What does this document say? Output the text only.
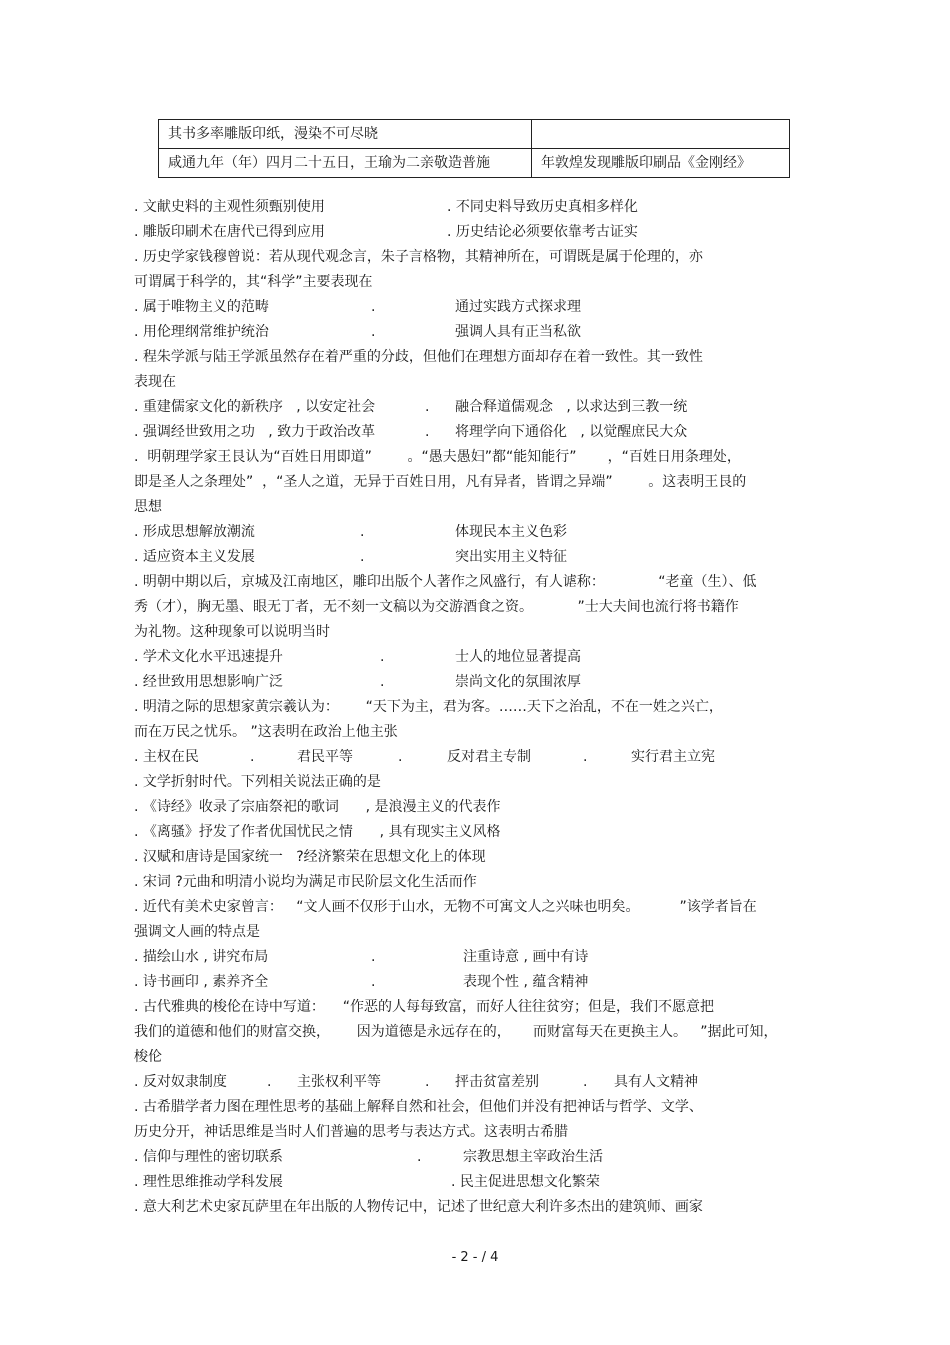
其书多率雕版印纸，漫染不可尽晓	
咸通九年（年）四月二十五日，王瑜为二亲敬造普施	年敦煌发现雕版印刷品《金刚经》
. 文献史料的主观性须甄别使用	. 不同史料导致历史真相多样化
. 雕版印刷术在唐代已得到应用	. 历史结论必须要依靠考古证实
. 历史学家钱穆曾说：若从现代观念言，朱子言格物，其精神所在，可谓既是属于伦理的，亦
可谓属于科学的，其“科学”主要表现在
. 属于唯物主义的范畴	.	通过实践方式探求理
. 用伦理纲常维护统治	.	强调人具有正当私欲
. 程朱学派与陆王学派虽然存在着严重的分歧，但他们在理想方面却存在着一致性。其一致性
表现在
. 重建儒家文化的新秩序   , 以安定社会	. 融合释道儒观念   , 以求达到三教一统
. 强调经世致用之功   , 致力于政治改革	. 将理学向下通俗化   , 以觉醒庶民大众
.  明朝理学家王艮认为“百姓日用即道”        。“愚夫愚妇”都“能知能行”       ，“百姓日用条理处，
即是圣人之条理处”  ，“圣人之道，无异于百姓日用，凡有异者，皆谓之异端”        。这表明王艮的
思想
. 形成思想解放潮流	.	体现民本主义色彩
. 适应资本主义发展	.	突出实用主义特征
. 明朝中期以后，京城及江南地区，雕印出版个人著作之风盛行，有人谑称：            “老童（生）、低
秀（才），胸无墨、眼无丁者，无不刻一文稿以为交游酒食之资。          ”士大夫间也流行将书籍作
为礼物。这种现象可以说明当时
. 学术文化水平迅速提升	.	士人的地位显著提高
. 经世致用思想影响广泛	.	崇尚文化的氛围浓厚
. 明清之际的思想家黄宗羲认为：      “天下为主，君为客。……天下之治乱，不在一姓之兴亡，
而在万民之忧乐。 ”这表明在政治上他主张
. 主权在民	.	君民平等	.	反对君主专制	.	实行君主立宪
. 文学折射时代。下列相关说法正确的是
. 《诗经》收录了宗庙祭祀的歌词      , 是浪漫主义的代表作
. 《离骚》抒发了作者优国忧民之情      , 具有现实主义风格
. 汉赋和唐诗是国家统一   ?经济繁荣在思想文化上的体现
. 宋词 ?元曲和明清小说均为满足市民阶层文化生活而作
. 近代有美术史家曾言：   “文人画不仅形于山水，无物不可寓文人之兴味也明矣。         ”该学者旨在
强调文人画的特点是
. 描绘山水 , 讲究布局	.	注重诗意 , 画中有诗
. 诗书画印 , 素养齐全	.	表现个性 , 蕴含精神
. 古代雅典的梭伦在诗中写道：    “作恶的人每每致富，而好人往往贫穷；但是，我们不愿意把
我们的道德和他们的财富交换，      因为道德是永远存在的，     而财富每天在更换主人。   ”据此可知，
梭伦
. 反对奴隶制度	. 主张权利平等	. 抨击贫富差别	. 具有人文精神
. 古希腊学者力图在理性思考的基础上解释自然和社会，但他们并没有把神话与哲学、文学、
历史分开，神话思维是当时人们普遍的思考与表达方式。这表明古希腊
. 信仰与理性的密切联系	.	宗教思想主宰政治生活
. 理性思维推动学科发展	. 民主促进思想文化繁荣
. 意大利艺术史家瓦萨里在年出版的人物传记中，记述了世纪意大利许多杰出的建筑师、画家
- 2 - / 4
